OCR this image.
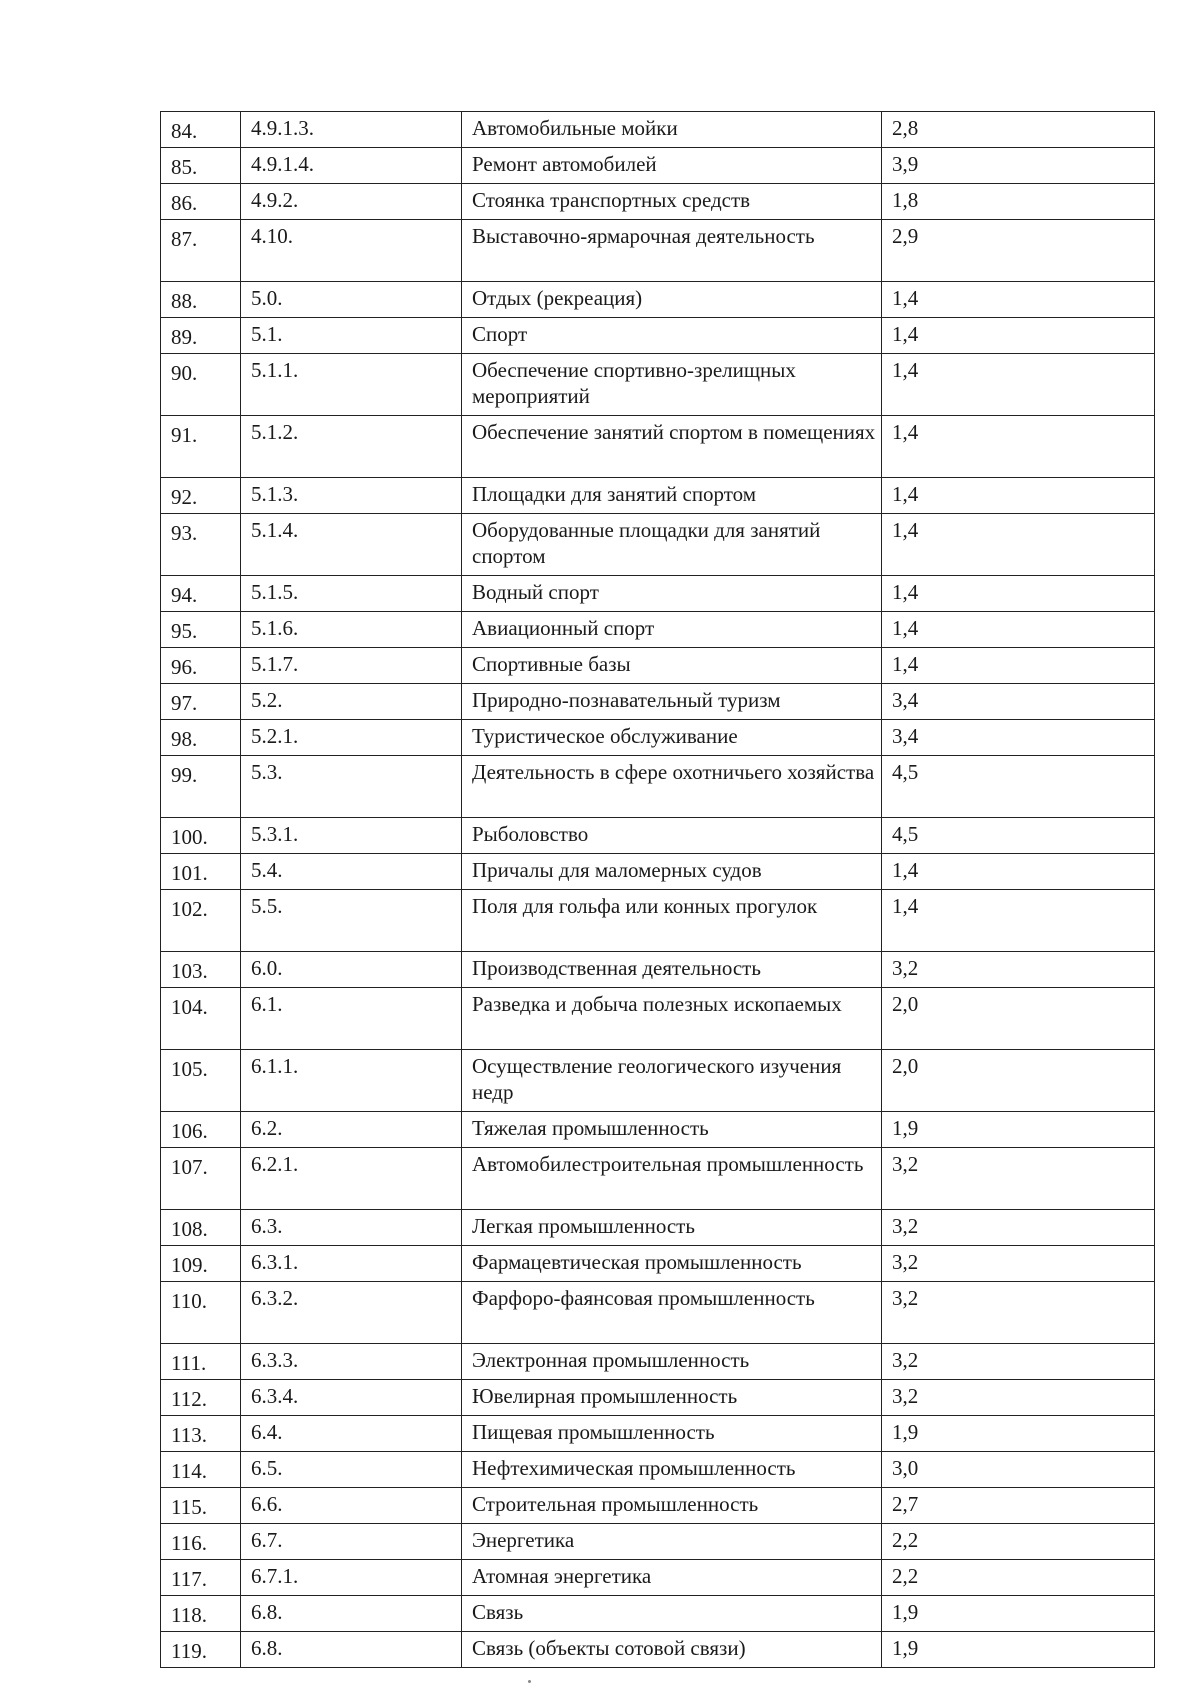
84.	4.9.1.3.	Автомобильные мойки	2,8
85.	4.9.1.4.	Ремонт автомобилей	3,9
86.	4.9.2.	Стоянка транспортных средств	1,8
87.	4.10.	Выставочно-ярмарочная деятельность	2,9
88.	5.0.	Отдых (рекреация)	1,4
89.	5.1.	Спорт	1,4
90.	5.1.1.	Обеспечение спортивно-зрелищных мероприятий	1,4
91.	5.1.2.	Обеспечение занятий спортом в помещениях	1,4
92.	5.1.3.	Площадки для занятий спортом	1,4
93.	5.1.4.	Оборудованные площадки для занятий спортом	1,4
94.	5.1.5.	Водный спорт	1,4
95.	5.1.6.	Авиационный спорт	1,4
96.	5.1.7.	Спортивные базы	1,4
97.	5.2.	Природно-познавательный туризм	3,4
98.	5.2.1.	Туристическое обслуживание	3,4
99.	5.3.	Деятельность в сфере охотничьего хозяйства	4,5
100.	5.3.1.	Рыболовство	4,5
101.	5.4.	Причалы для маломерных судов	1,4
102.	5.5.	Поля для гольфа или конных прогулок	1,4
103.	6.0.	Производственная деятельность	3,2
104.	6.1.	Разведка и добыча полезных ископаемых	2,0
105.	6.1.1.	Осуществление геологического изучения недр	2,0
106.	6.2.	Тяжелая промышленность	1,9
107.	6.2.1.	Автомобилестроительная промышленность	3,2
108.	6.3.	Легкая промышленность	3,2
109.	6.3.1.	Фармацевтическая промышленность	3,2
110.	6.3.2.	Фарфоро-фаянсовая промышленность	3,2
111.	6.3.3.	Электронная промышленность	3,2
112.	6.3.4.	Ювелирная промышленность	3,2
113.	6.4.	Пищевая промышленность	1,9
114.	6.5.	Нефтехимическая промышленность	3,0
115.	6.6.	Строительная промышленность	2,7
116.	6.7.	Энергетика	2,2
117.	6.7.1.	Атомная энергетика	2,2
118.	6.8.	Связь	1,9
119.	6.8.	Связь (объекты сотовой связи)	1,9
